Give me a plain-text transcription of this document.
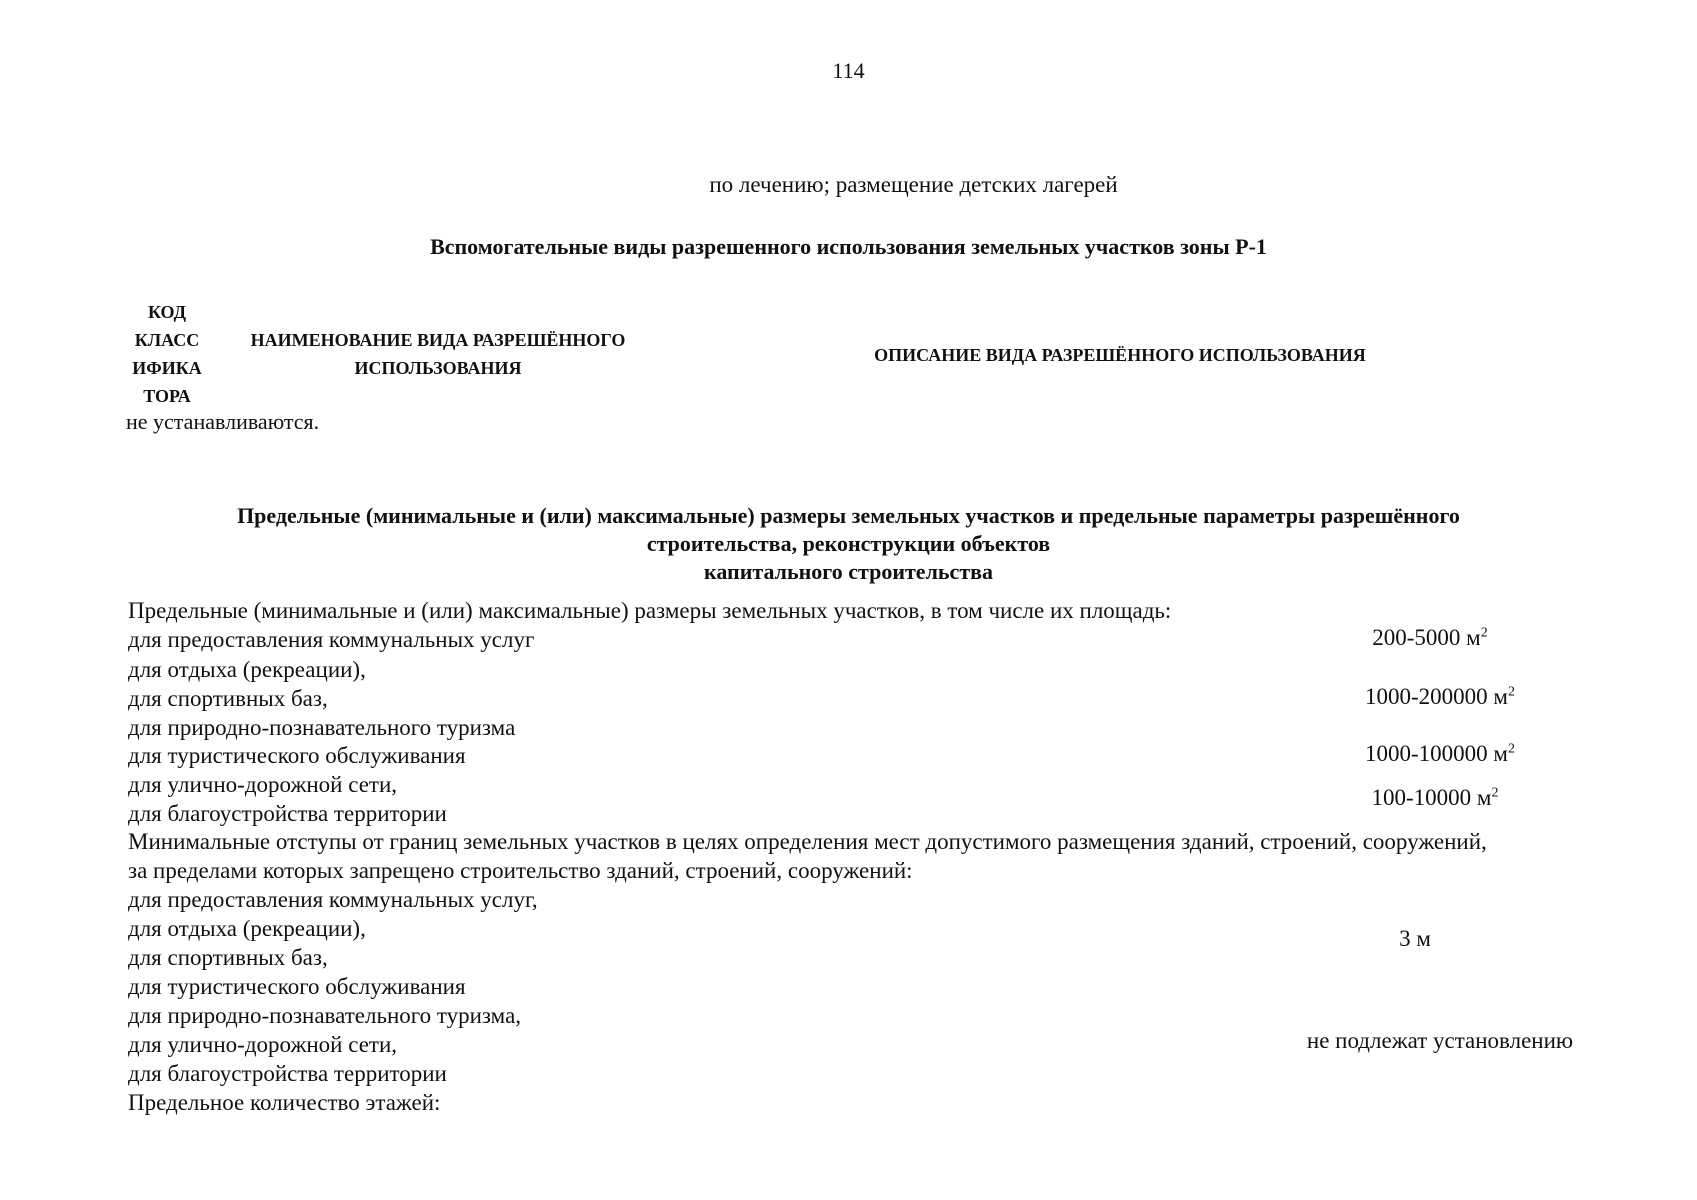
114
по лечению; размещение детских лагерей
Вспомогательные виды разрешенного использования земельных участков зоны Р-1
КОД
КЛАСС
ИФИКА
ТОРА
НАИМЕНОВАНИЕ ВИДА РАЗРЕШЁННОГО
ИСПОЛЬЗОВАНИЯ
ОПИСАНИЕ ВИДА РАЗРЕШЁННОГО ИСПОЛЬЗОВАНИЯ
не устанавливаются.
Предельные (минимальные и (или) максимальные) размеры земельных участков и предельные параметры разрешённого
строительства, реконструкции объектов
капитального строительства
Предельные (минимальные и (или) максимальные) размеры земельных участков, в том числе их площадь:
для предоставления коммунальных услуг	200-5000 $м^2$
для отдыха (рекреации),
для спортивных баз,
для природно-познавательного туризма
1000-200000 $м^2$
для туристического обслуживания	1000-100000 $м^2$
для улично-дорожной сети,
для благоустройства территории
100-10000 $м^2$
Минимальные отступы от границ земельных участков в целях определения мест допустимого размещения зданий, строений, сооружений,
за пределами которых запрещено строительство зданий, строений, сооружений:
для предоставления коммунальных услуг,
для отдыха (рекреации),
для спортивных баз,
для туристического обслуживания
3 м
для природно-познавательного туризма,
для улично-дорожной сети,
для благоустройства территории
не подлежат установлению
Предельное количество этажей:
